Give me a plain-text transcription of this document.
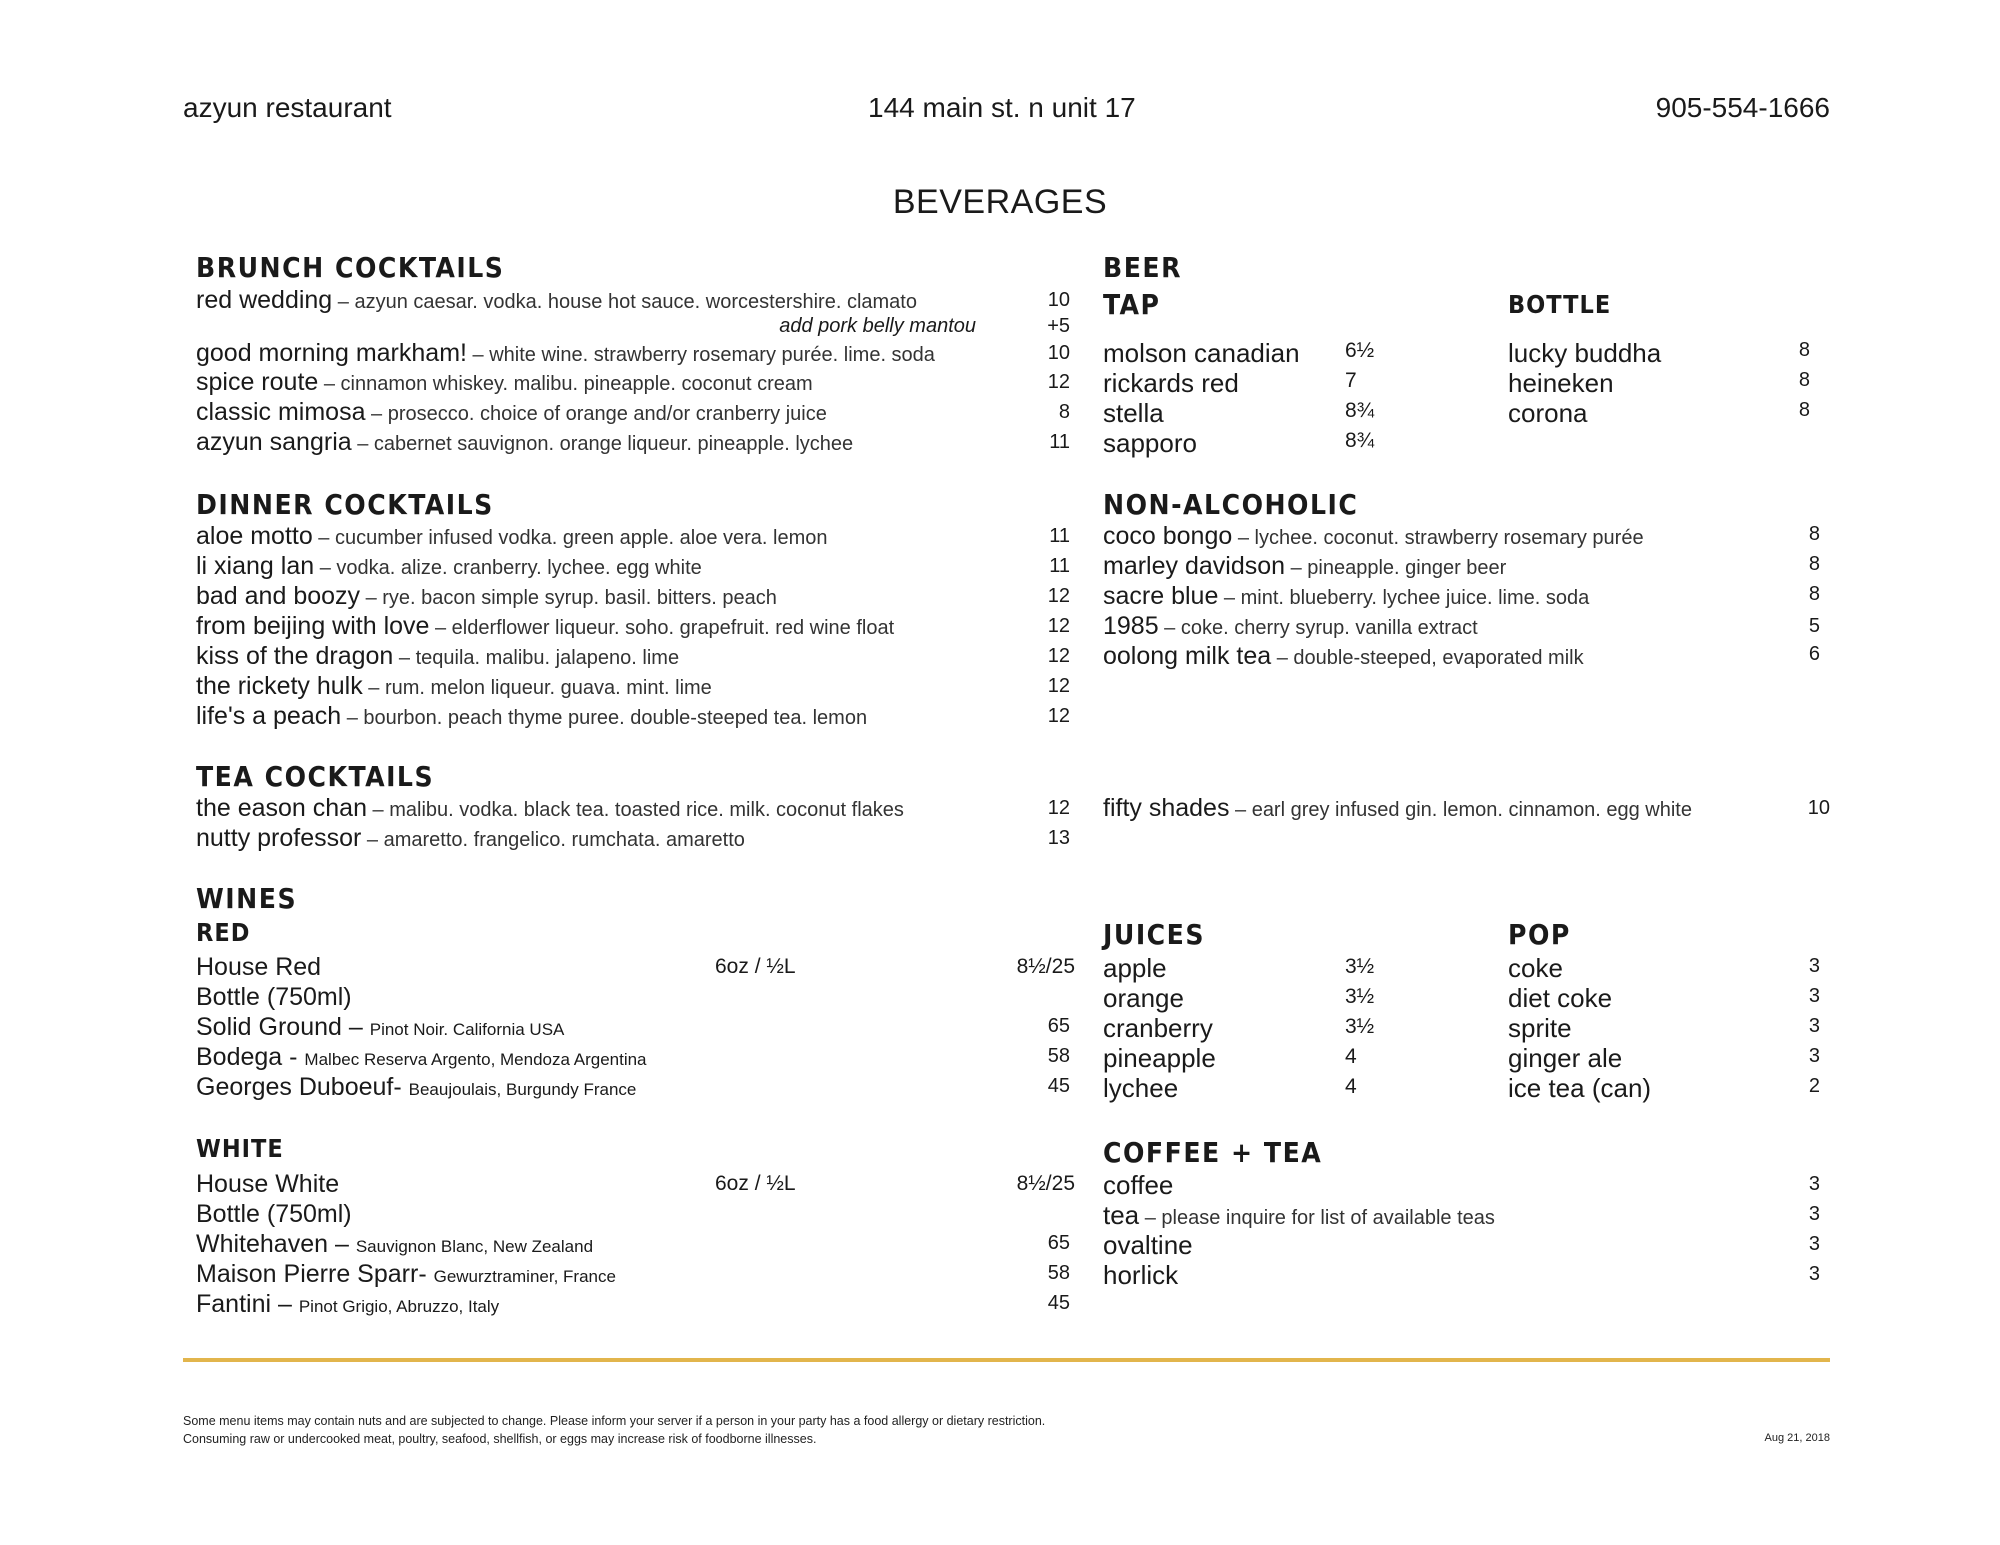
azyun restaurant	144 main st. n unit 17	905-554-1666
BEVERAGES
BRUNCH COCKTAILS
red wedding – azyun caesar. vodka. house hot sauce. worcestershire. clamato	10
add pork belly mantou	+5
good morning markham! – white wine. strawberry rosemary purée. lime. soda	10
spice route – cinnamon whiskey. malibu. pineapple. coconut cream	12
classic mimosa – prosecco. choice of orange and/or cranberry juice	8
azyun sangria – cabernet sauvignon. orange liqueur. pineapple. lychee	11
DINNER COCKTAILS
aloe motto – cucumber infused vodka. green apple. aloe vera. lemon	11
li xiang lan – vodka. alize. cranberry. lychee. egg white	11
bad and boozy – rye. bacon simple syrup. basil. bitters. peach	12
from beijing with love – elderflower liqueur. soho. grapefruit. red wine float	12
kiss of the dragon – tequila. malibu. jalapeno. lime	12
the rickety hulk – rum. melon liqueur. guava. mint. lime	12
life's a peach – bourbon. peach thyme puree. double-steeped tea. lemon	12
TEA COCKTAILS
the eason chan – malibu. vodka. black tea. toasted rice. milk. coconut flakes	12
nutty professor – amaretto. frangelico. rumchata. amaretto	13
fifty shades – earl grey infused gin. lemon. cinnamon. egg white	10
WINES
RED
House Red	6oz / ½L	8½/25
Bottle (750ml)
Solid Ground – Pinot Noir. California USA	65
Bodega - Malbec Reserva Argento, Mendoza Argentina	58
Georges Duboeuf- Beaujoulais, Burgundy France	45
WHITE
House White	6oz / ½L	8½/25
Bottle (750ml)
Whitehaven – Sauvignon Blanc, New Zealand	65
Maison Pierre Sparr- Gewurztraminer, France	58
Fantini – Pinot Grigio, Abruzzo, Italy	45
BEER
TAP	BOTTLE
molson canadian 6½
rickards red	7
stella	8¾
sapporo	8¾
lucky buddha	8
heineken	8
corona	8
NON-ALCOHOLIC
coco bongo – lychee. coconut. strawberry rosemary purée	8
marley davidson – pineapple. ginger beer	8
sacre blue – mint. blueberry. lychee juice. lime. soda	8
1985 – coke. cherry syrup. vanilla extract	5
oolong milk tea – double-steeped, evaporated milk	6
JUICES
apple	3½
orange	3½
cranberry	3½
pineapple	4
lychee	4
POP
coke	3
diet coke	3
sprite	3
ginger ale	3
ice tea (can)	2
COFFEE + TEA
coffee	3
tea – please inquire for list of available teas	3
ovaltine	3
horlick	3
Some menu items may contain nuts and are subjected to change. Please inform your server if a person in your party has a food allergy or dietary restriction.
Consuming raw or undercooked meat, poultry, seafood, shellfish, or eggs may increase risk of foodborne illnesses.	Aug 21, 2018
